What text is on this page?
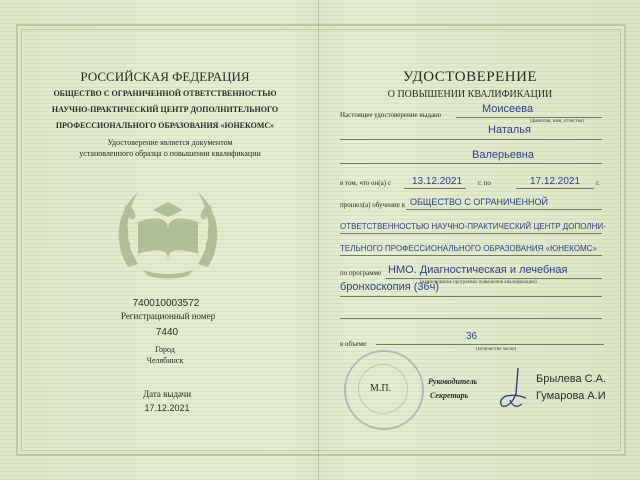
РОССИЙСКАЯ ФЕДЕРАЦИЯ
ОБЩЕСТВО С ОГРАНИЧЕННОЙ ОТВЕТСТВЕННОСТЬЮ
НАУЧНО-ПРАКТИЧЕСКИЙ ЦЕНТР ДОПОЛНИТЕЛЬНОГО
ПРОФЕССИОНАЛЬНОГО ОБРАЗОВАНИЯ «ЮНЕКОМС»
Удостоверение является документом
установленного образца о повышении квалификации
740010003572
Регистрационный номер
7440
Город
Челябинск
Дата выдачи
17.12.2021
УДОСТОВЕРЕНИЕ
О ПОВЫШЕНИИ КВАЛИФИКАЦИИ
Настоящее удостоверение выдано	Моисеева
(фамилия, имя, отчество)
Наталья
Валерьевна
в том, что он(а) с 13.12.2021 г. по	17.12.2021 г.
прошел(а) обучение в ОБЩЕСТВО С ОГРАНИЧЕННОЙ
ОТВЕТСТВЕННОСТЬЮ НАУЧНО-ПРАКТИЧЕСКИЙ ЦЕНТР ДОПОЛНИ-
ТЕЛЬНОГО ПРОФЕССИОНАЛЬНОГО ОБРАЗОВАНИЯ «ЮНЕКОМС»
по программе НМО. Диагностическая и лечебная
бронхоскопия (36ч)
(наименование программы повышения квалификации)
в объеме
36
(количество часов)
М.П.
Руководитель
Секретарь
Брылева С.А.
Гумарова А.И
